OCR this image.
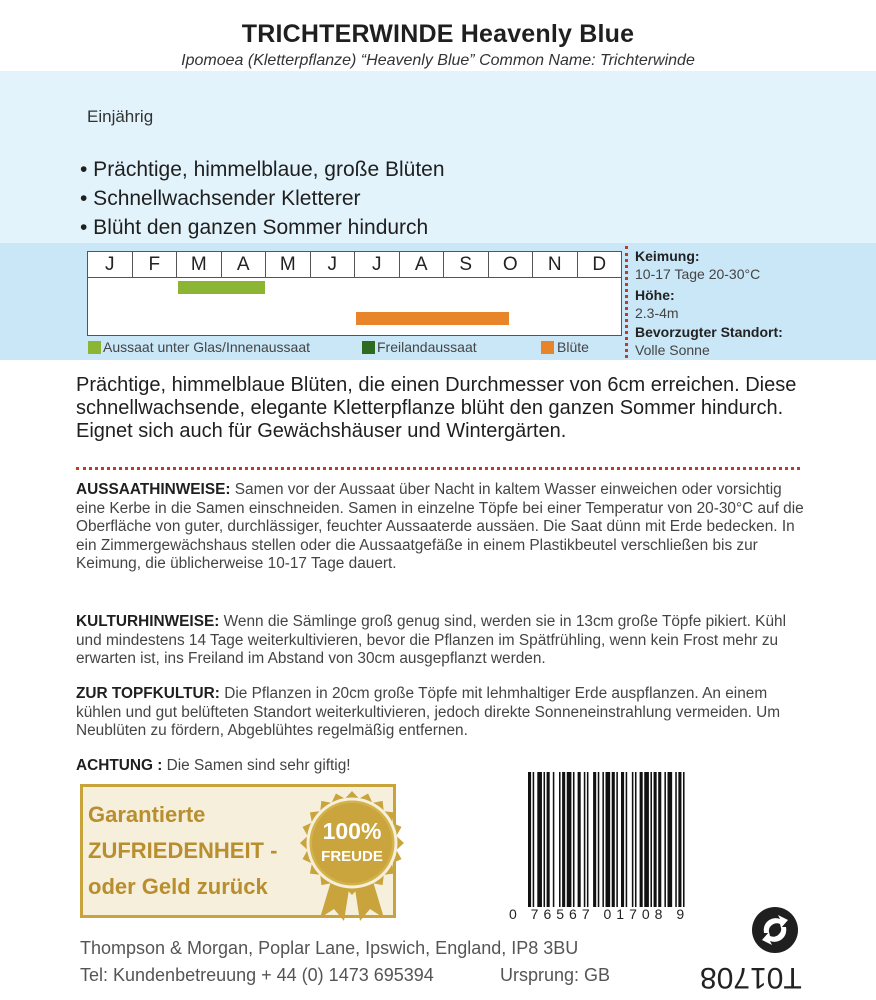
TRICHTERWINDE Heavenly Blue
Ipomoea (Kletterpflanze) “Heavenly Blue” Common Name: Trichterwinde
Einjährig
• Prächtige, himmelblaue, große Blüten
• Schnellwachsender Kletterer
• Blüht den ganzen Sommer hindurch
J	F	M	A	M	J	J	A	S	O	N	D
Aussaat unter Glas/Innenaussaat	Freilandaussaat	Blüte
Keimung:
10-17 Tage 20-30°C
Höhe:
2.3-4m
Bevorzugter Standort:
Volle Sonne
Prächtige, himmelblaue Blüten, die einen Durchmesser von 6cm erreichen. Diese schnellwachsende, elegante Kletterpflanze blüht den ganzen Sommer hindurch. Eignet sich auch für Gewächshäuser und Wintergärten.
AUSSAATHINWEISE: Samen vor der Aussaat über Nacht in kaltem Wasser einweichen oder vorsichtig eine Kerbe in die Samen einschneiden. Samen in einzelne Töpfe bei einer Temperatur von 20-30°C auf die Oberfläche von guter, durchlässiger, feuchter Aussaaterde aussäen. Die Saat dünn mit Erde bedecken. In ein Zimmergewächshaus stellen oder die Aussaatgefäße in einem Plastikbeutel verschließen bis zur Keimung, die üblicherweise 10-17 Tage dauert.
KULTURHINWEISE: Wenn die Sämlinge groß genug sind, werden sie in 13cm große Töpfe pikiert. Kühl und mindestens 14 Tage weiterkultivieren, bevor die Pflanzen im Spätfrühling, wenn kein Frost mehr zu erwarten ist, ins Freiland im Abstand von 30cm ausgepflanzt werden.
ZUR TOPFKULTUR: Die Pflanzen in 20cm große Töpfe mit lehmhaltiger Erde auspflanzen. An einem kühlen und gut belüfteten Standort weiterkultivieren, jedoch direkte Sonneneinstrahlung vermeiden. Um Neublüten zu fördern, Abgeblühtes regelmäßig entfernen.
ACHTUNG : Die Samen sind sehr giftig!
Garantierte
ZUFRIEDENHEIT -
oder Geld zurück
100%
FREUDE
0 76567 01708 9
Thompson & Morgan, Poplar Lane, Ipswich, England, IP8 3BU
Tel: Kundenbetreuung + 44 (0) 1473 695394	Ursprung: GB	T01708
